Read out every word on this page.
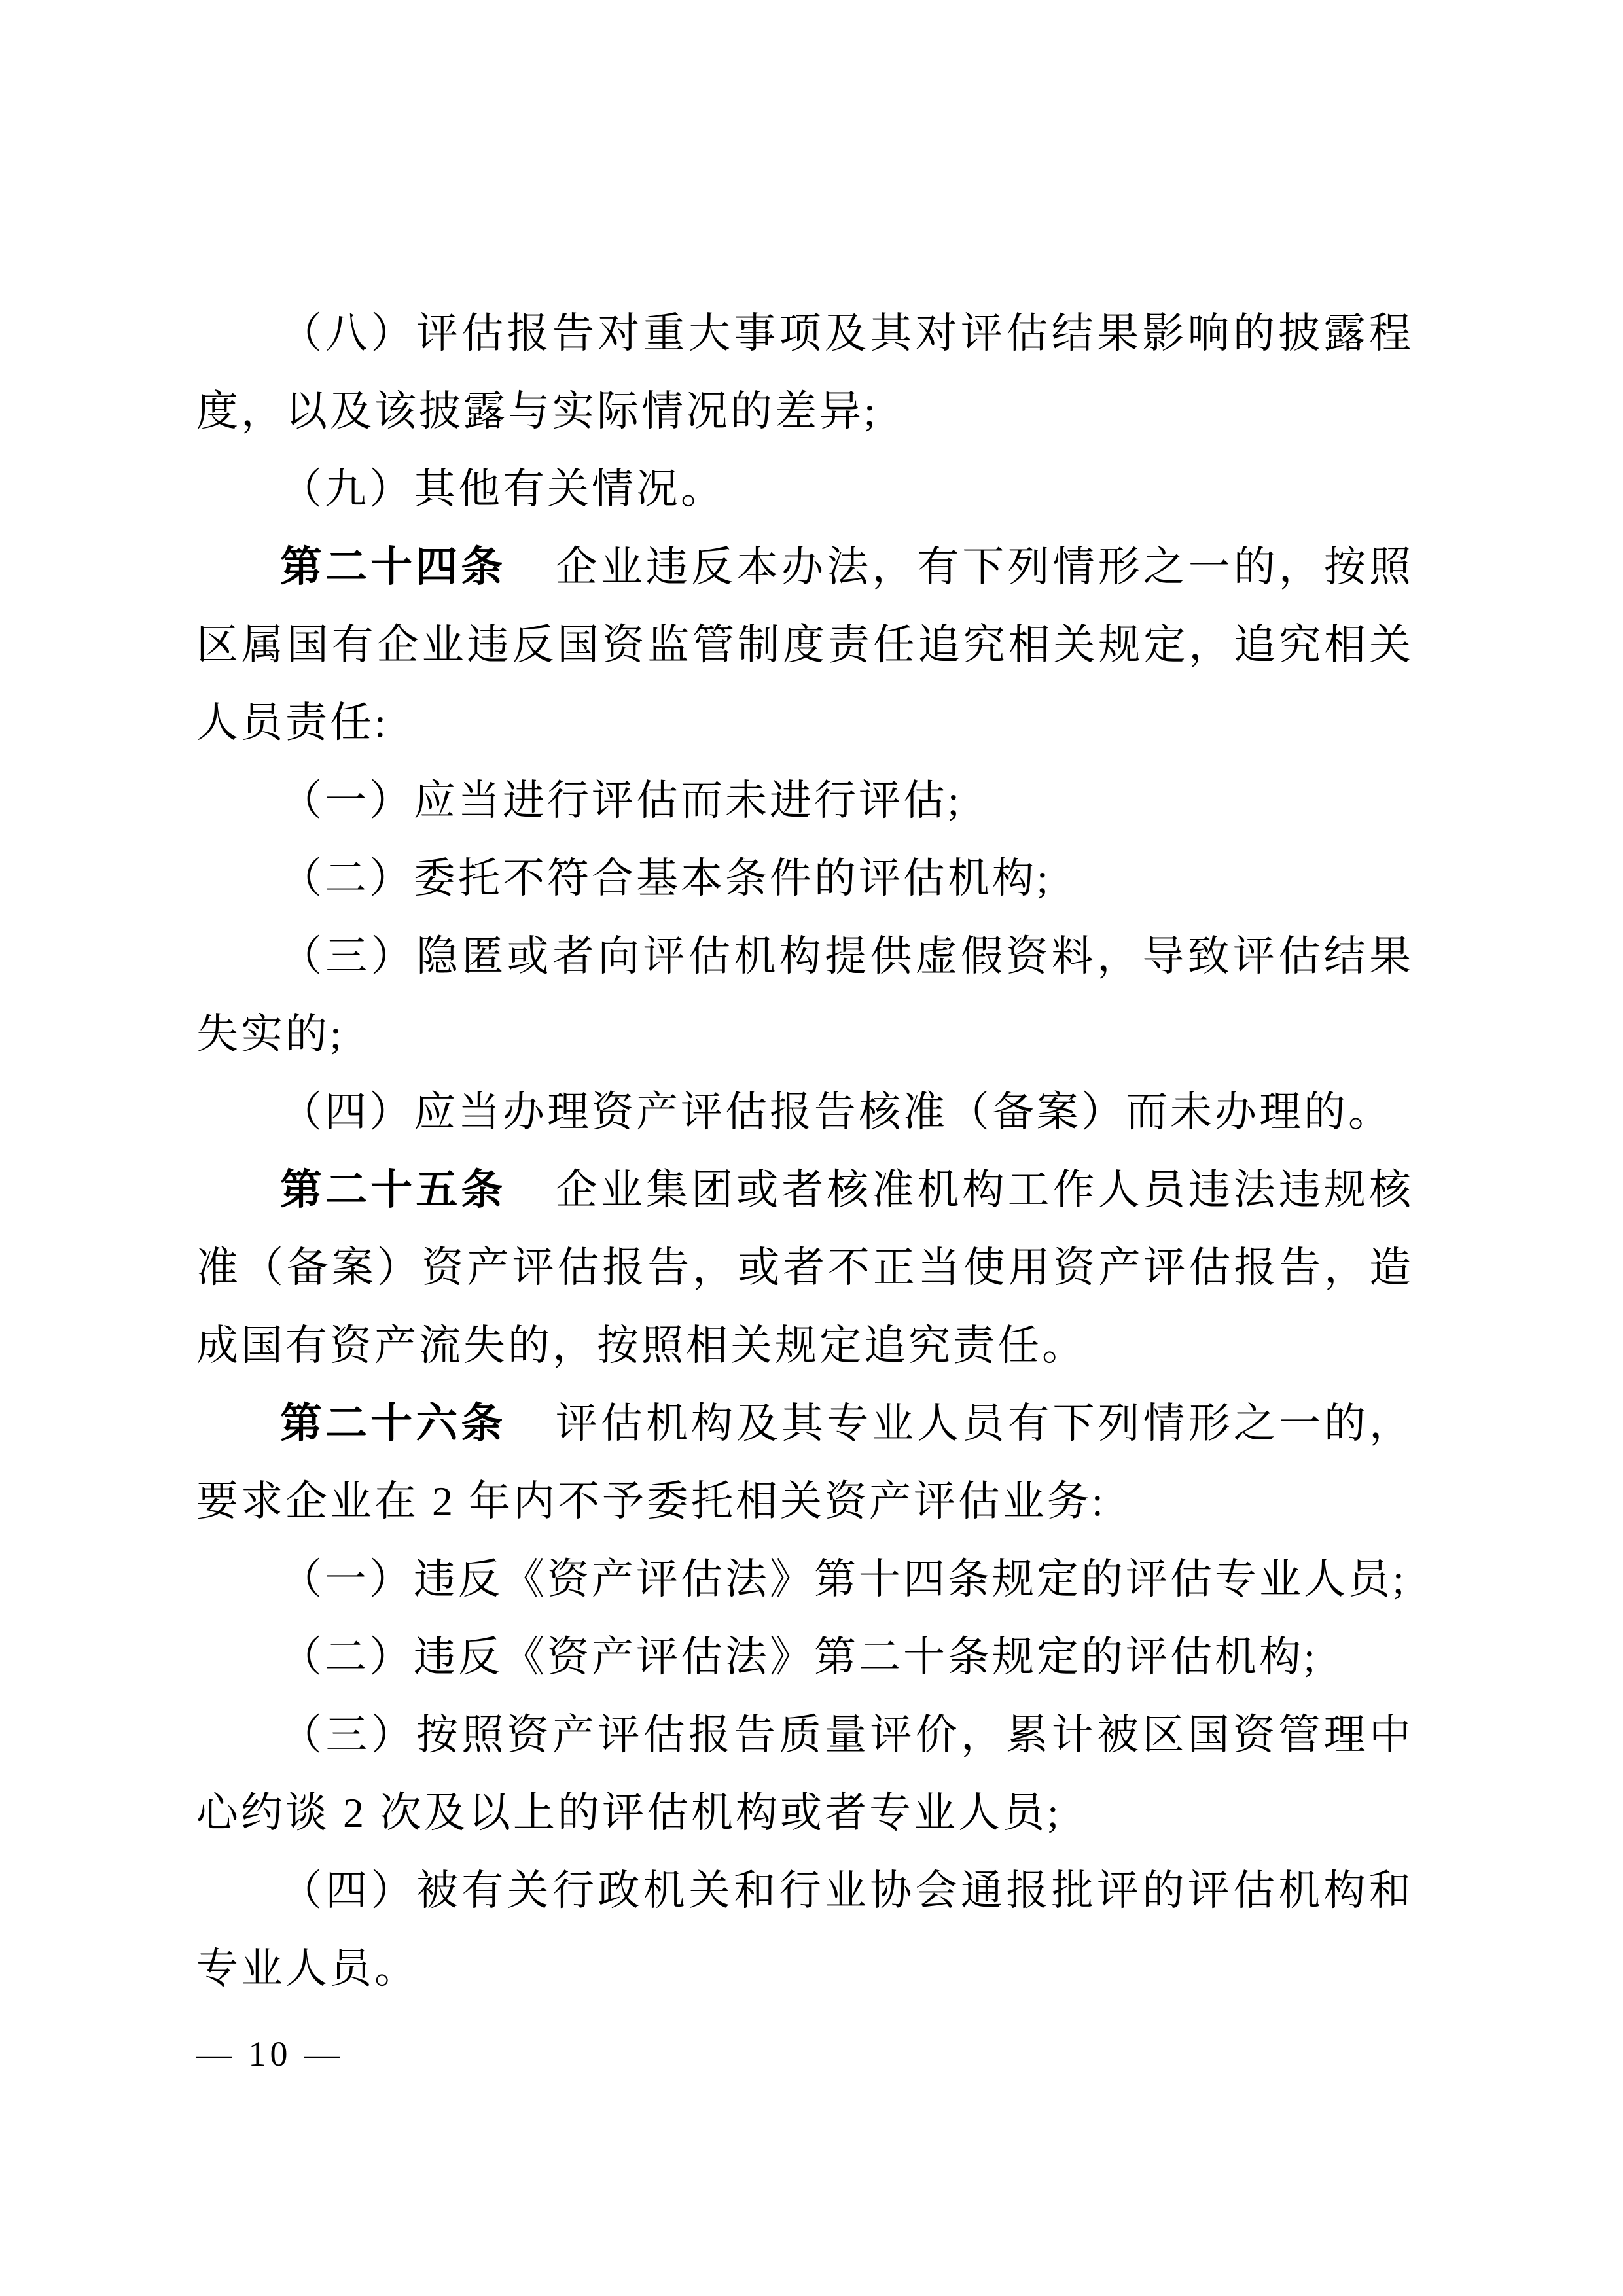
（八）评估报告对重大事项及其对评估结果影响的披露程度，以及该披露与实际情况的差异;

（九）其他有关情况。

第二十四条 企业违反本办法，有下列情形之一的，按照区属国有企业违反国资监管制度责任追究相关规定，追究相关人员责任:

（一）应当进行评估而未进行评估;

（二）委托不符合基本条件的评估机构;

（三）隐匿或者向评估机构提供虚假资料，导致评估结果失实的;

（四）应当办理资产评估报告核准（备案）而未办理的。

第二十五条 企业集团或者核准机构工作人员违法违规核准（备案）资产评估报告，或者不正当使用资产评估报告，造成国有资产流失的，按照相关规定追究责任。

第二十六条 评估机构及其专业人员有下列情形之一的，要求企业在 2 年内不予委托相关资产评估业务:

（一）违反《资产评估法》第十四条规定的评估专业人员;

（二）违反《资产评估法》第二十条规定的评估机构;

（三）按照资产评估报告质量评价，累计被区国资管理中心约谈 2 次及以上的评估机构或者专业人员;

（四）被有关行政机关和行业协会通报批评的评估机构和专业人员。

— 10 —
